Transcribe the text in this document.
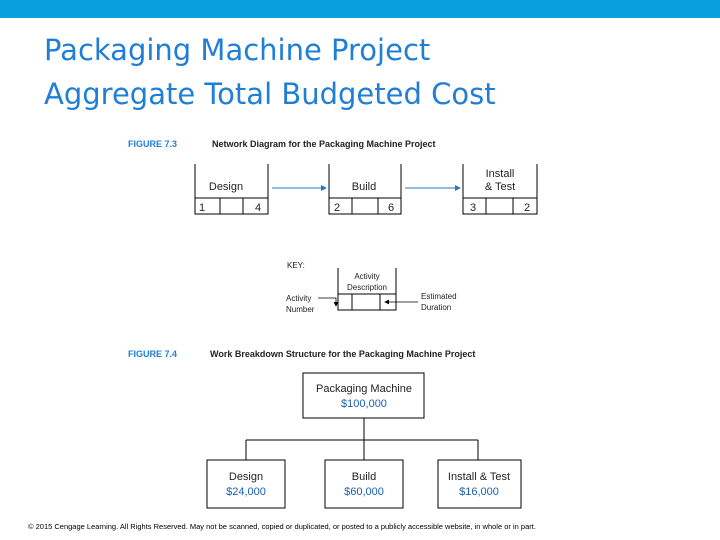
Packaging Machine Project
Aggregate Total Budgeted Cost
FIGURE 7.3	Network Diagram for the Packaging Machine Project
Design
1	4
Build
2	6
Install
& Test
3	2
KEY:
Activity
Description
Activity
Number
Estimated
Duration
FIGURE 7.4	Work Breakdown Structure for the Packaging Machine Project
Packaging Machine
$100,000
Design
$24,000
Build
$60,000
Install & Test
$16,000
© 2015 Cengage Learning. All Rights Reserved. May not be scanned, copied or duplicated, or posted to a publicly accessible website, in whole or in part.
